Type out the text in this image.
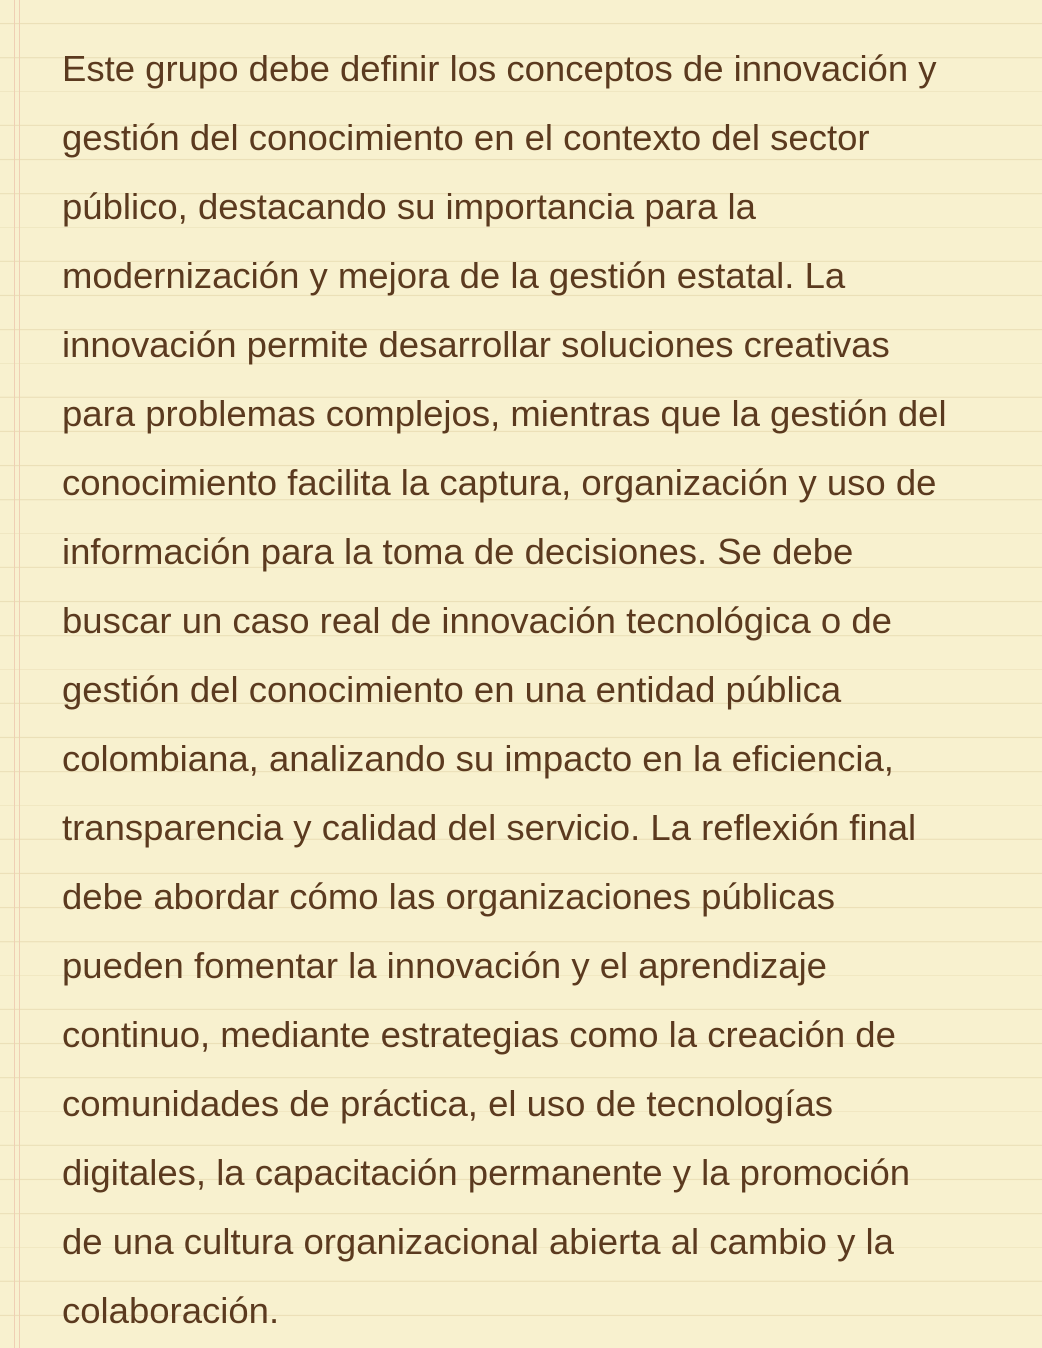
Este grupo debe definir los conceptos de innovación y
gestión del conocimiento en el contexto del sector
público, destacando su importancia para la
modernización y mejora de la gestión estatal. La
innovación permite desarrollar soluciones creativas
para problemas complejos, mientras que la gestión del
conocimiento facilita la captura, organización y uso de
información para la toma de decisiones. Se debe
buscar un caso real de innovación tecnológica o de
gestión del conocimiento en una entidad pública
colombiana, analizando su impacto en la eficiencia,
transparencia y calidad del servicio. La reflexión final
debe abordar cómo las organizaciones públicas
pueden fomentar la innovación y el aprendizaje
continuo, mediante estrategias como la creación de
comunidades de práctica, el uso de tecnologías
digitales, la capacitación permanente y la promoción
de una cultura organizacional abierta al cambio y la
colaboración.
